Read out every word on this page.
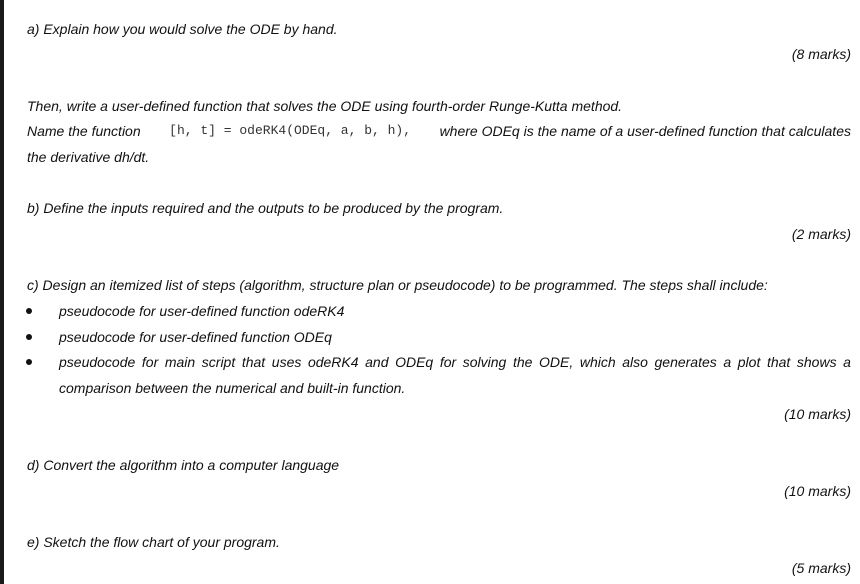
a) Explain how you would solve the ODE by hand.
(8 marks)
Then, write a user-defined function that solves the ODE using fourth-order Runge-Kutta method.
Name the function [h, t] = odeRK4(ODEq, a, b, h), where ODEq is the name of a user-defined function that calculates
the derivative dh/dt.
b) Define the inputs required and the outputs to be produced by the program.
(2 marks)
c) Design an itemized list of steps (algorithm, structure plan or pseudocode) to be programmed. The steps shall include:
pseudocode for user-defined function odeRK4
pseudocode for user-defined function ODEq
pseudocode for main script that uses odeRK4 and ODEq for solving the ODE, which also generates a plot that shows a
comparison between the numerical and built-in function.
(10 marks)
d) Convert the algorithm into a computer language
(10 marks)
e) Sketch the flow chart of your program.
(5 marks)
